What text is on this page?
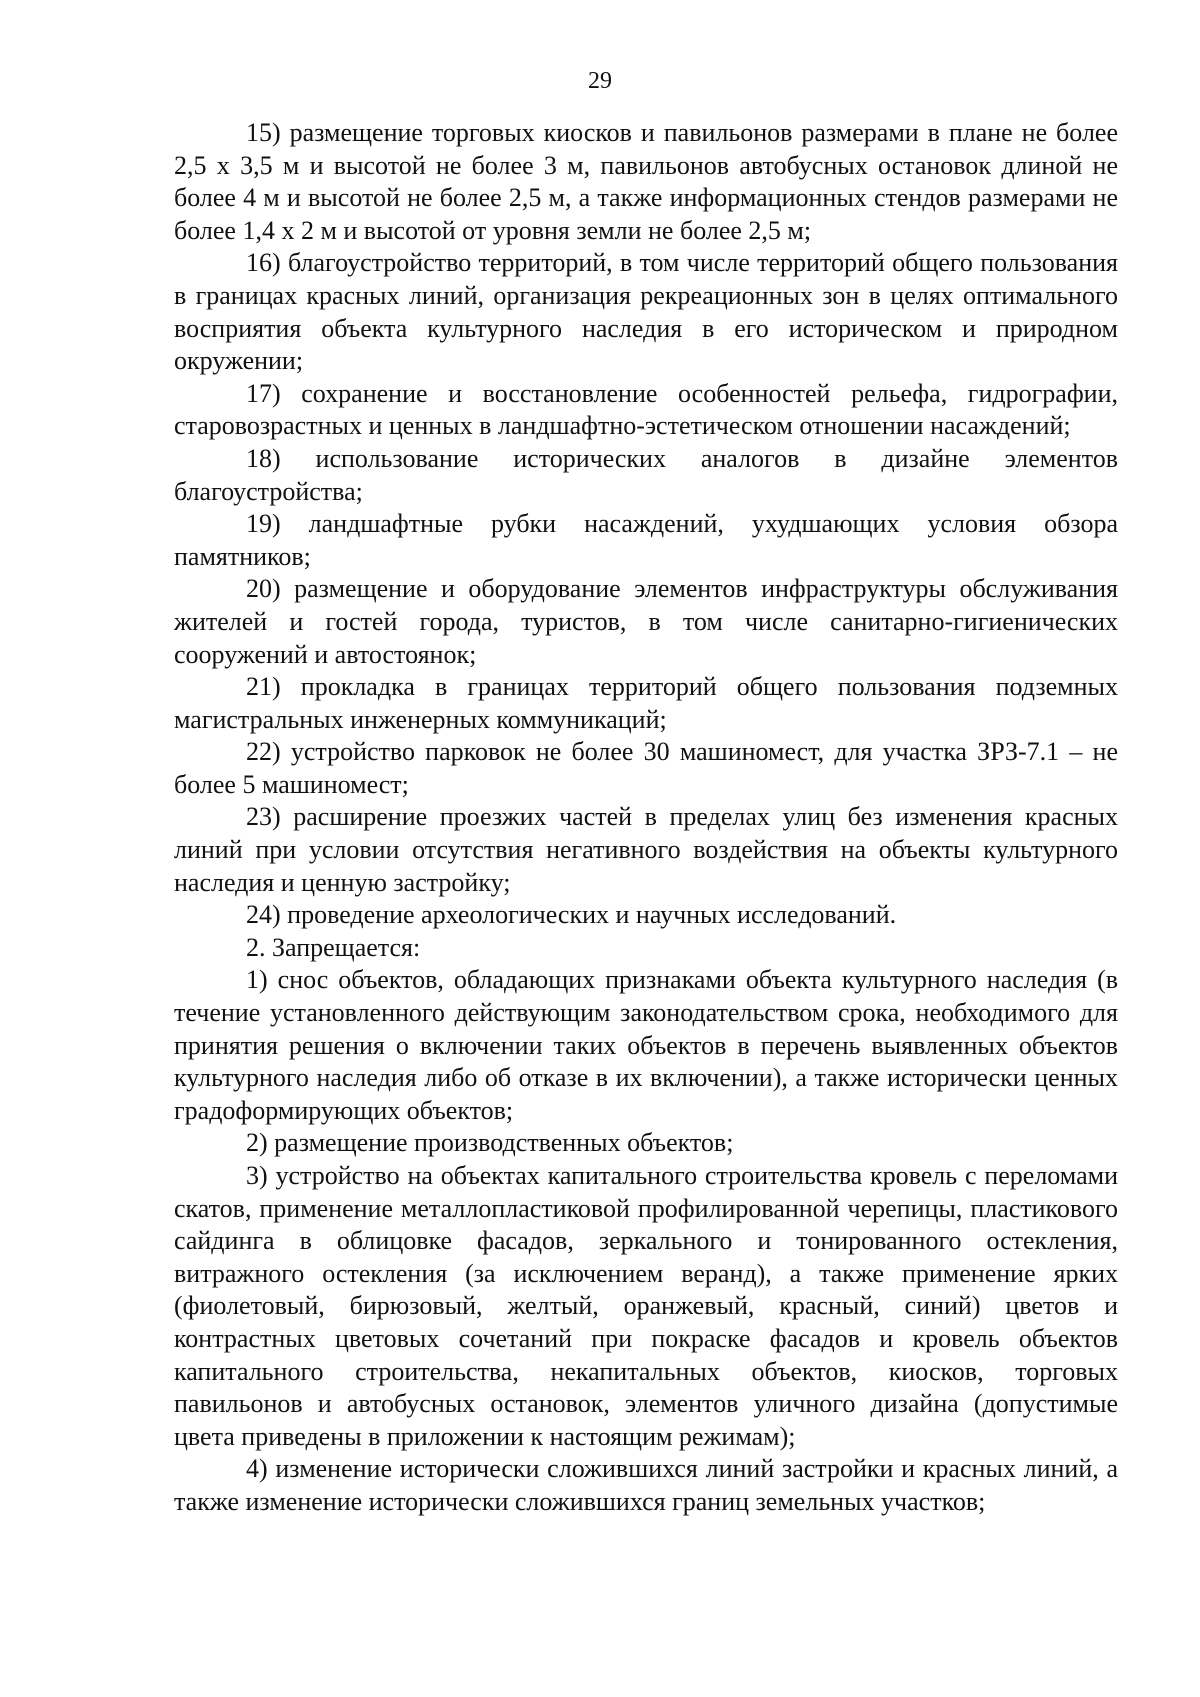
29

15) размещение торговых киосков и павильонов размерами в плане не более 2,5 х 3,5 м и высотой не более 3 м, павильонов автобусных остановок длиной не более 4 м и высотой не более 2,5 м, а также информационных стендов размерами не более 1,4 х 2 м и высотой от уровня земли не более 2,5 м;

16) благоустройство территорий, в том числе территорий общего пользования в границах красных линий, организация рекреационных зон в целях оптимального восприятия объекта культурного наследия в его историческом и природном окружении;

17) сохранение и восстановление особенностей рельефа, гидрографии, старовозрастных и ценных в ландшафтно-эстетическом отношении насаждений;

18) использование исторических аналогов в дизайне элементов благоустройства;

19) ландшафтные рубки насаждений, ухудшающих условия обзора памятников;

20) размещение и оборудование элементов инфраструктуры обслуживания жителей и гостей города, туристов, в том числе санитарно-гигиенических сооружений и автостоянок;

21) прокладка в границах территорий общего пользования подземных магистральных инженерных коммуникаций;

22) устройство парковок не более 30 машиномест, для участка ЗРЗ-7.1 – не более 5 машиномест;

23) расширение проезжих частей в пределах улиц без изменения красных линий при условии отсутствия негативного воздействия на объекты культурного наследия и ценную застройку;

24) проведение археологических и научных исследований.

2. Запрещается:

1) снос объектов, обладающих признаками объекта культурного наследия (в течение установленного действующим законодательством срока, необходимого для принятия решения о включении таких объектов в перечень выявленных объектов культурного наследия либо об отказе в их включении), а также исторически ценных градоформирующих объектов;

2) размещение производственных объектов;

3) устройство на объектах капитального строительства кровель с переломами скатов, применение металлопластиковой профилированной черепицы, пластикового сайдинга в облицовке фасадов, зеркального и тонированного остекления, витражного остекления (за исключением веранд), а также применение ярких (фиолетовый, бирюзовый, желтый, оранжевый, красный, синий) цветов и контрастных цветовых сочетаний при покраске фасадов и кровель объектов капитального строительства, некапитальных объектов, киосков, торговых павильонов и автобусных остановок, элементов уличного дизайна (допустимые цвета приведены в приложении к настоящим режимам);

4) изменение исторически сложившихся линий застройки и красных линий, а также изменение исторически сложившихся границ земельных участков;
